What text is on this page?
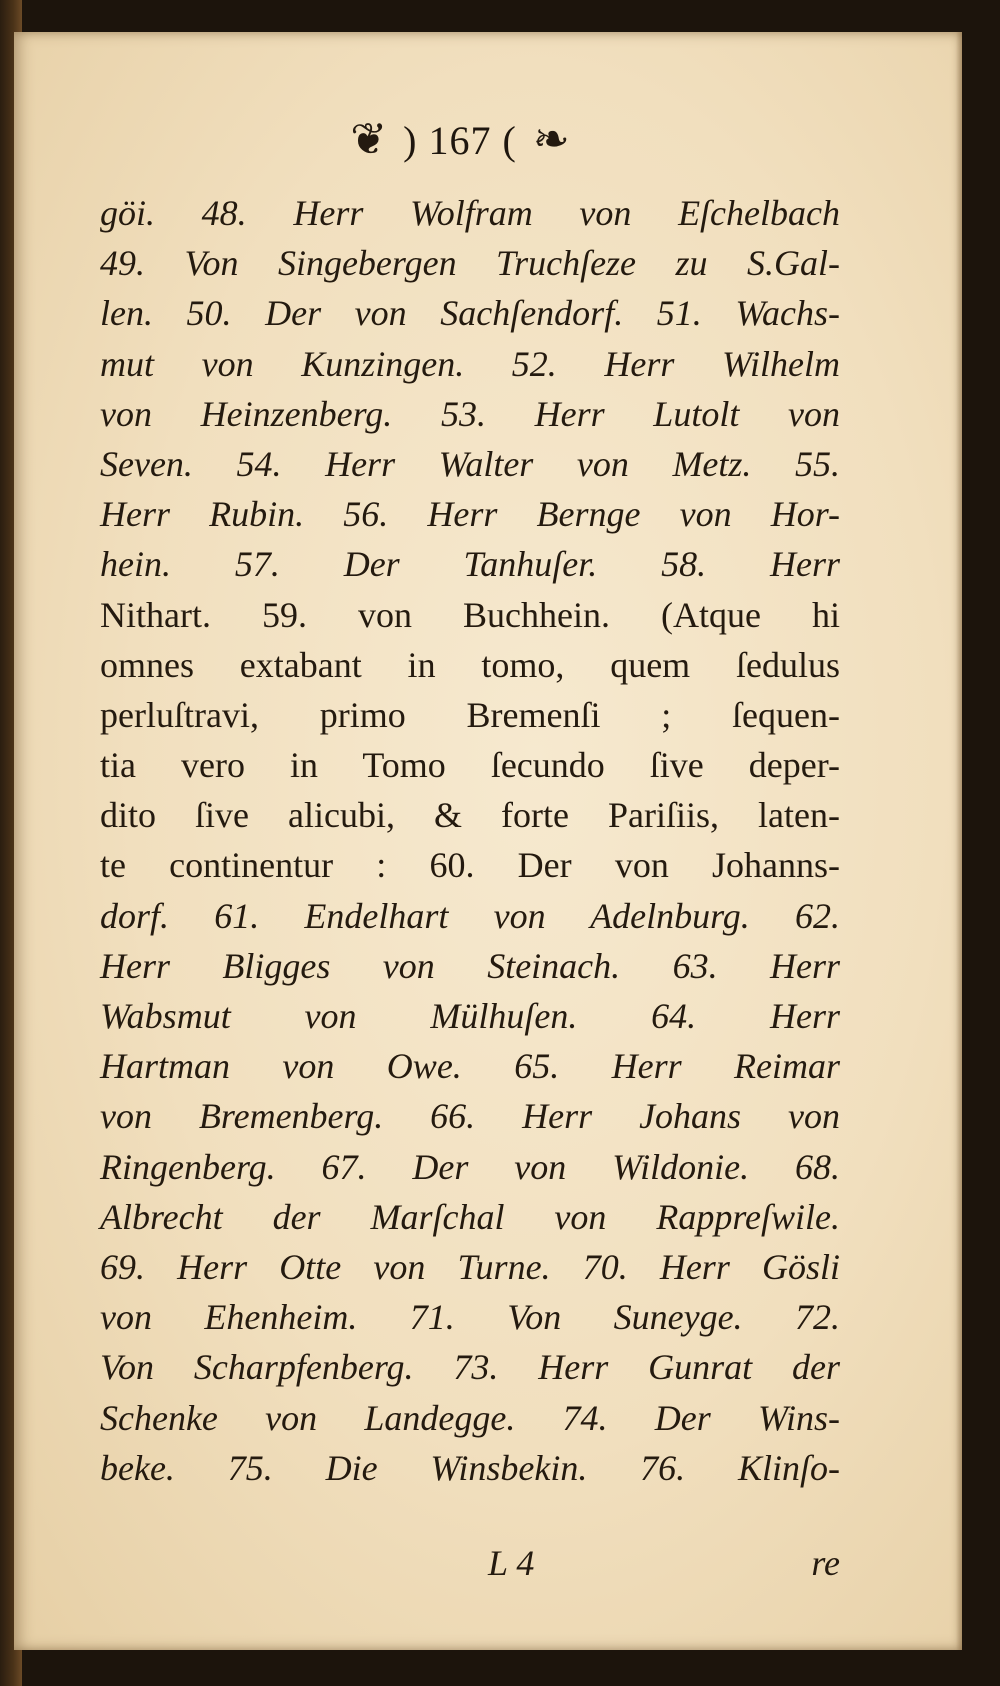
❦ ) 167 ( ❧
göi. 48. Herr Wolfram von Eſchelbach
49. Von Singebergen Truchſeze zu S.Gal-
len. 50. Der von Sachſendorf. 51. Wachs-
mut von Kunzingen. 52. Herr Wilhelm
von Heinzenberg. 53. Herr Lutolt von
Seven. 54. Herr Walter von Metz. 55.
Herr Rubin. 56. Herr Bernge von Hor-
hein. 57. Der Tanhuſer. 58. Herr
Nithart. 59. von Buchhein. (Atque hi
omnes extabant in tomo, quem ſedulus
perluſtravi, primo Bremenſi ; ſequen-
tia vero in Tomo ſecundo ſive deper-
dito ſive alicubi, & forte Pariſiis, laten-
te continentur : 60. Der von Johanns-
dorf. 61. Endelhart von Adelnburg. 62.
Herr Bligges von Steinach. 63. Herr
Wabsmut von Mülhuſen. 64. Herr
Hartman von Owe. 65. Herr Reimar
von Bremenberg. 66. Herr Johans von
Ringenberg. 67. Der von Wildonie. 68.
Albrecht der Marſchal von Rappreſwile.
69. Herr Otte von Turne. 70. Herr Gösli
von Ehenheim. 71. Von Suneyge. 72.
Von Scharpfenberg. 73. Herr Gunrat der
Schenke von Landegge. 74. Der Wins-
beke. 75. Die Winsbekin. 76. Klinſo-
L 4	re
